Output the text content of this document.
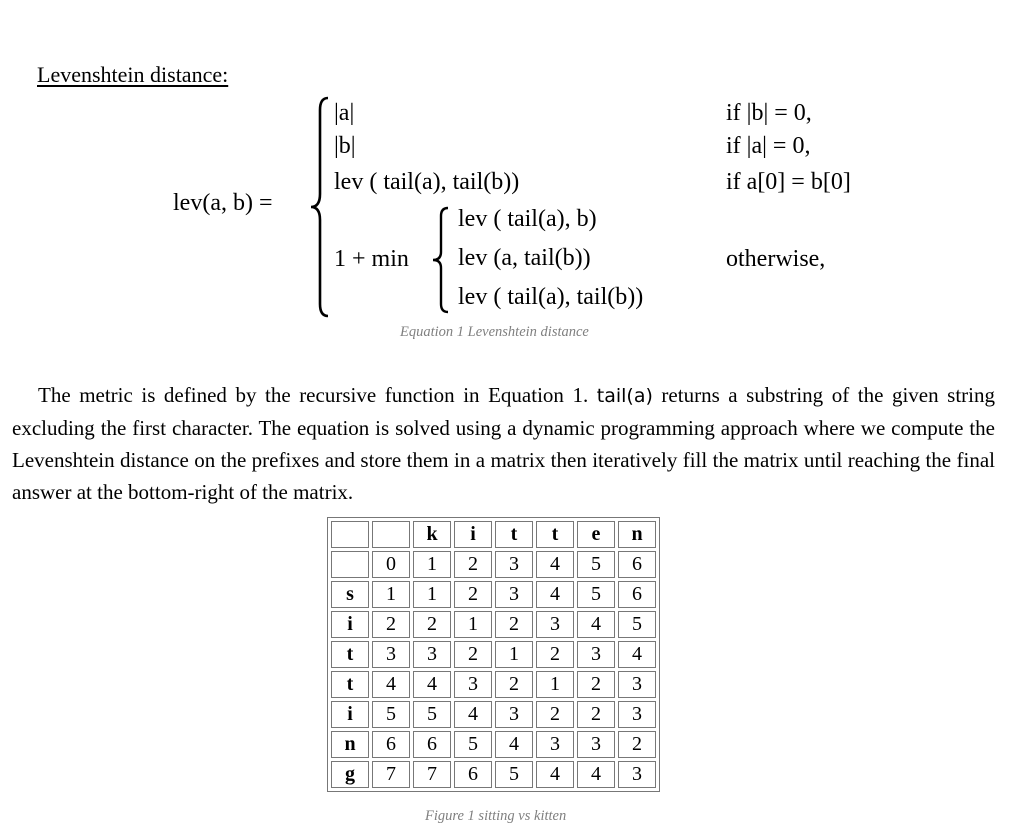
Levenshtein distance:
lev(a, b) =
|a|
|b|
lev ( tail(a), tail(b))
1 + min
lev ( tail(a), b)
lev (a, tail(b))
lev ( tail(a), tail(b))
if |b| = 0,
if |a| = 0,
if a[0] = b[0]
otherwise,
Equation 1 Levenshtein distance

The metric is defined by the recursive function in Equation 1. tail(a) returns a substring of the given string excluding the first character. The equation is solved using a dynamic programming approach where we compute the Levenshtein distance on the prefixes and store them in a matrix then iteratively fill the matrix until reaching the final answer at the bottom-right of the matrix.

		k	i	t	t	e	n
	0	1	2	3	4	5	6
s	1	1	2	3	4	5	6
i	2	2	1	2	3	4	5
t	3	3	2	1	2	3	4
t	4	4	3	2	1	2	3
i	5	5	4	3	2	2	3
n	6	6	5	4	3	3	2
g	7	7	6	5	4	4	3
Figure 1 sitting vs kitten
